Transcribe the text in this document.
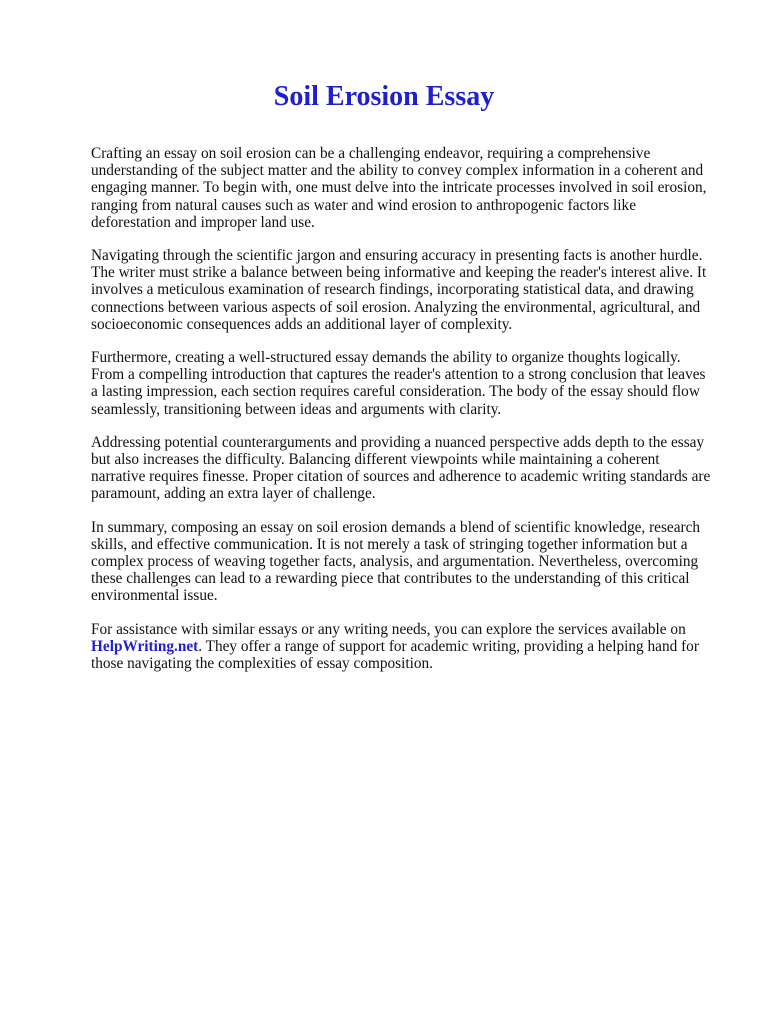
Soil Erosion Essay

Crafting an essay on soil erosion can be a challenging endeavor, requiring a comprehensive
understanding of the subject matter and the ability to convey complex information in a coherent and
engaging manner. To begin with, one must delve into the intricate processes involved in soil erosion,
ranging from natural causes such as water and wind erosion to anthropogenic factors like
deforestation and improper land use.

Navigating through the scientific jargon and ensuring accuracy in presenting facts is another hurdle.
The writer must strike a balance between being informative and keeping the reader's interest alive. It
involves a meticulous examination of research findings, incorporating statistical data, and drawing
connections between various aspects of soil erosion. Analyzing the environmental, agricultural, and
socioeconomic consequences adds an additional layer of complexity.

Furthermore, creating a well-structured essay demands the ability to organize thoughts logically.
From a compelling introduction that captures the reader's attention to a strong conclusion that leaves
a lasting impression, each section requires careful consideration. The body of the essay should flow
seamlessly, transitioning between ideas and arguments with clarity.

Addressing potential counterarguments and providing a nuanced perspective adds depth to the essay
but also increases the difficulty. Balancing different viewpoints while maintaining a coherent
narrative requires finesse. Proper citation of sources and adherence to academic writing standards are
paramount, adding an extra layer of challenge.

In summary, composing an essay on soil erosion demands a blend of scientific knowledge, research
skills, and effective communication. It is not merely a task of stringing together information but a
complex process of weaving together facts, analysis, and argumentation. Nevertheless, overcoming
these challenges can lead to a rewarding piece that contributes to the understanding of this critical
environmental issue.

For assistance with similar essays or any writing needs, you can explore the services available on
HelpWriting.net. They offer a range of support for academic writing, providing a helping hand for
those navigating the complexities of essay composition.
